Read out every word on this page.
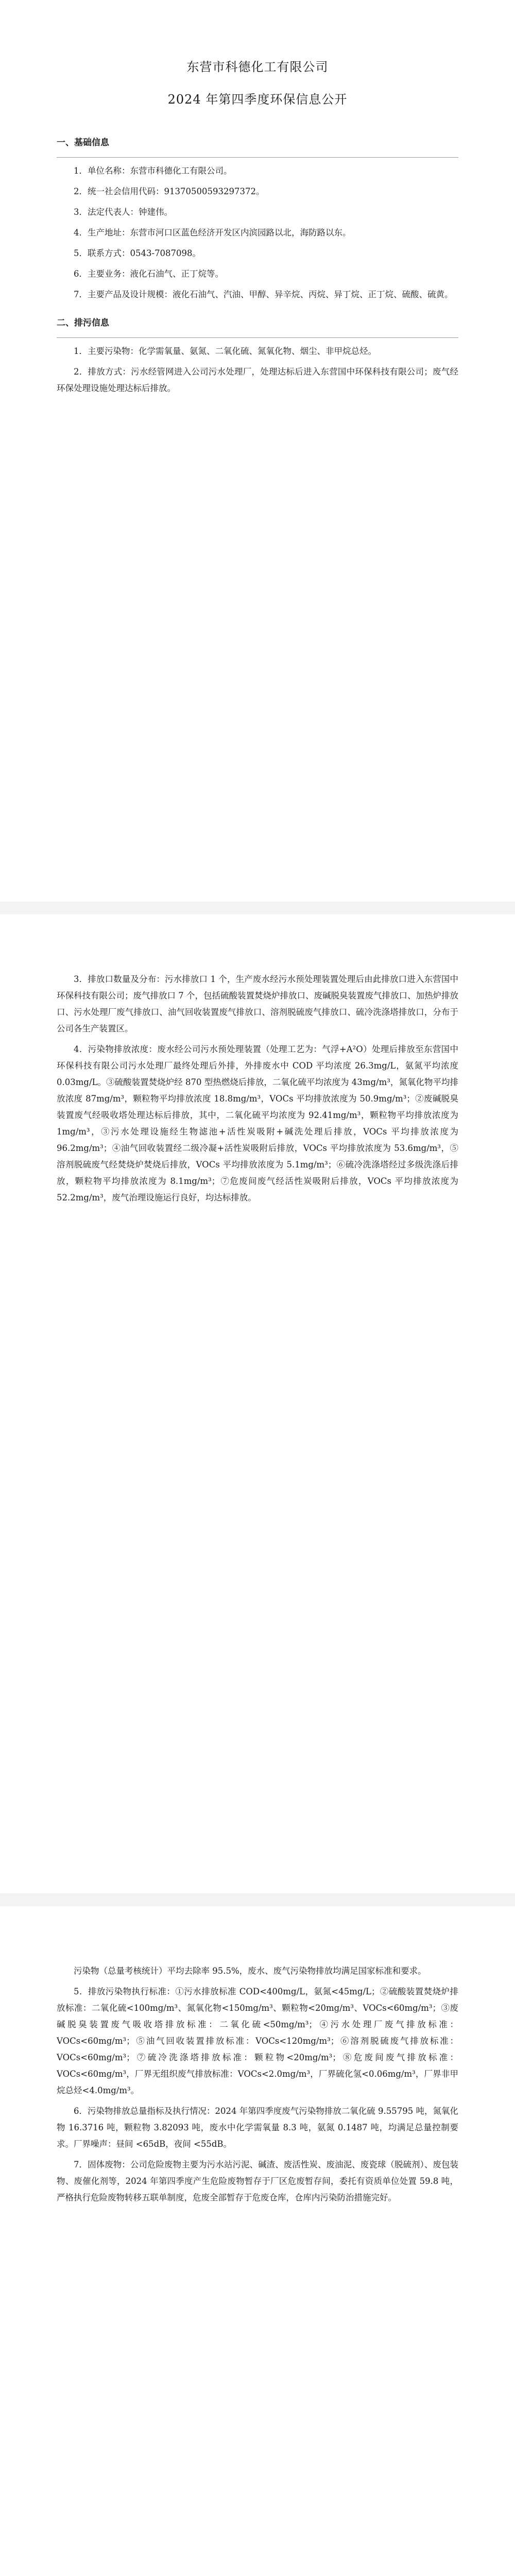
东营市科德化工有限公司
2024 年第四季度环保信息公开
一、基础信息

1．单位名称：东营市科德化工有限公司。

2．统一社会信用代码：91370500593297372。

3．法定代表人：钟建伟。

4．生产地址：东营市河口区蓝色经济开发区内滨园路以北，海防路以东。

5．联系方式：0543-7087098。

6．主要业务：液化石油气、正丁烷等。

7．主要产品及设计规模：液化石油气、汽油、甲醇、异辛烷、丙烷、异丁烷、正丁烷、硫酸、硫黄。

二、排污信息

1．主要污染物：化学需氧量、氨氮、二氧化硫、氮氧化物、烟尘、非甲烷总烃。

2．排放方式：污水经管网进入公司污水处理厂，处理达标后进入东营国中环保科技有限公司；废气经环保处理设施处理达标后排放。

3．排放口数量及分布：污水排放口 1 个，生产废水经污水预处理装置处理后由此排放口进入东营国中环保科技有限公司；废气排放口 7 个，包括硫酸装置焚烧炉排放口、废碱脱臭装置废气排放口、加热炉排放口、污水处理厂废气排放口、油气回收装置废气排放口、溶剂脱硫废气排放口、硫冷洗涤塔排放口，分布于公司各生产装置区。

4．污染物排放浓度：废水经公司污水预处理装置（处理工艺为：气浮+A²O）处理后排放至东营国中环保科技有限公司污水处理厂最终处理后外排，外排废水中 COD 平均浓度 26.3mg/L，氨氮平均浓度 0.03mg/L。③硫酸装置焚烧炉经 870 型热燃烧后排放，二氧化硫平均浓度为 43mg/m³，氮氧化物平均排放浓度 87mg/m³，颗粒物平均排放浓度 18.8mg/m³，VOCs 平均排放浓度为 50.9mg/m³；②废碱脱臭装置废气经吸收塔处理达标后排放，其中，二氧化硫平均浓度为 92.41mg/m³，颗粒物平均排放浓度为 1mg/m³，③污水处理设施经生物滤池+活性炭吸附+碱洗处理后排放，VOCs 平均排放浓度为 96.2mg/m³；④油气回收装置经二级冷凝+活性炭吸附后排放，VOCs 平均排放浓度为 53.6mg/m³，⑤溶剂脱硫废气经焚烧炉焚烧后排放，VOCs 平均排放浓度为 5.1mg/m³；⑥硫冷洗涤塔经过多级洗涤后排放，颗粒物平均排放浓度为 8.1mg/m³；⑦危废间废气经活性炭吸附后排放，VOCs 平均排放浓度为 52.2mg/m³，废气治理设施运行良好，均达标排放。

污染物（总量考核统计）平均去除率 95.5%，废水、废气污染物排放均满足国家标准和要求。

5．排放污染物执行标准：①污水排放标准 COD<400mg/L，氨氮<45mg/L；②硫酸装置焚烧炉排放标准：二氧化硫<100mg/m³、氮氧化物<150mg/m³、颗粒物<20mg/m³、VOCs<60mg/m³；③废碱脱臭装置废气吸收塔排放标准：二氧化硫<50mg/m³；④污水处理厂废气排放标准：VOCs<60mg/m³；⑤油气回收装置排放标准：VOCs<120mg/m³；⑥溶剂脱硫废气排放标准：VOCs<60mg/m³；⑦硫冷洗涤塔排放标准：颗粒物<20mg/m³；⑧危废间废气排放标准：VOCs<60mg/m³，厂界无组织废气排放标准：VOCs<2.0mg/m³，厂界硫化氢<0.06mg/m³，厂界非甲烷总烃<4.0mg/m³。

6．污染物排放总量指标及执行情况：2024 年第四季度废气污染物排放二氧化硫 9.55795 吨，氮氧化物 16.3716 吨，颗粒物 3.82093 吨，废水中化学需氧量 8.3 吨，氨氮 0.1487 吨，均满足总量控制要求。厂界噪声：昼间 <65dB，夜间 <55dB。

7．固体废物：公司危险废物主要为污水站污泥、碱渣、废活性炭、废油泥、废瓷球（脱硫剂）、废包装物、废催化剂等，2024 年第四季度产生危险废物暂存于厂区危废暂存间，委托有资质单位处置 59.8 吨，严格执行危险废物转移五联单制度，危废全部暂存于危废仓库，仓库内污染防治措施完好。
